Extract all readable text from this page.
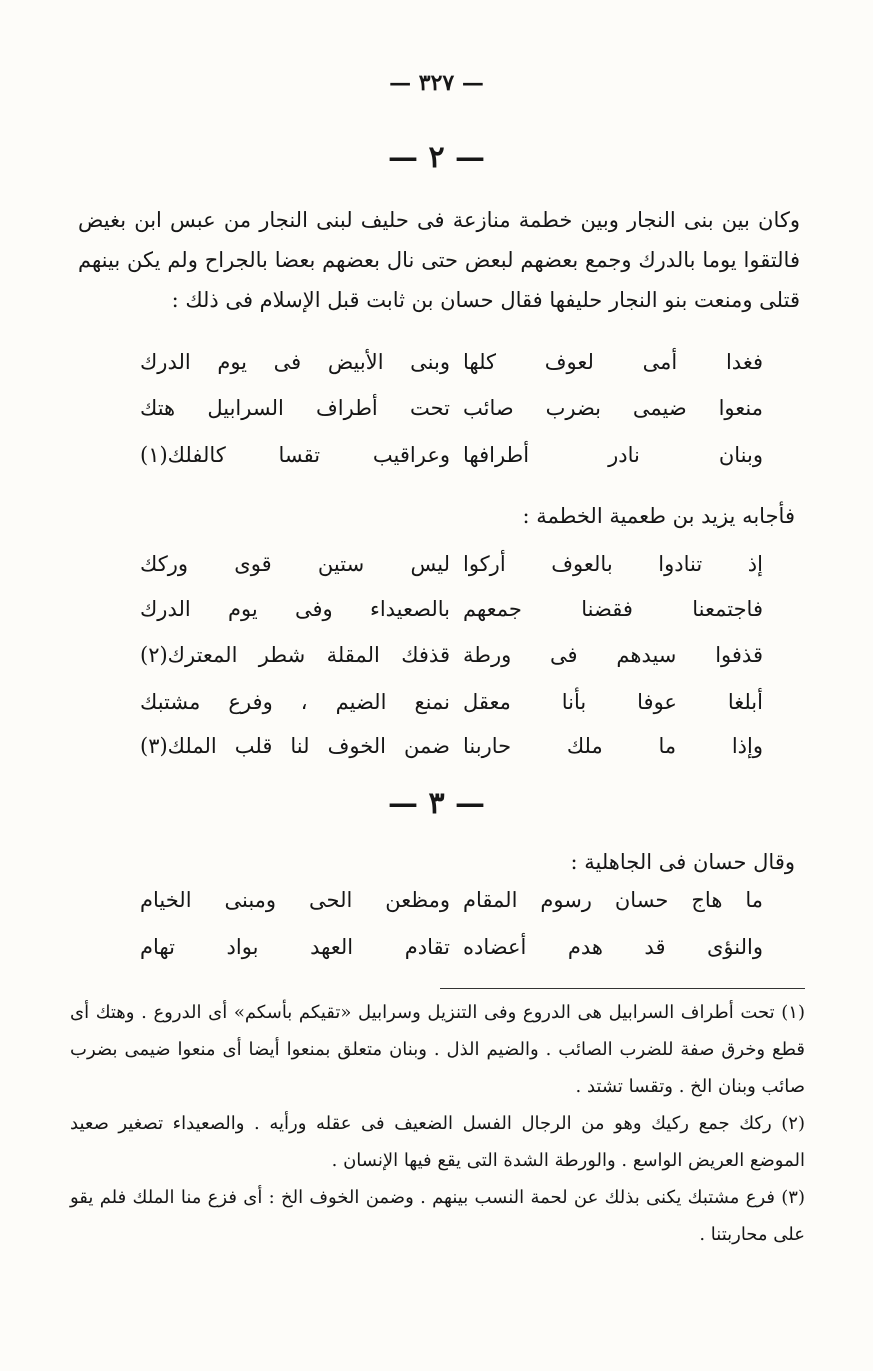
— ٣٢٧ —
— ٢ —
وكان بين بنى النجار وبين خطمة منازعة فى حليف لبنى النجار من عبس ابن بغيض فالتقوا يوما بالدرك وجمع بعضهم لبعض حتى نال بعضهم بعضا بالجراح ولم يكن بينهم قتلى ومنعت بنو النجار حليفها فقال حسان بن ثابت قبل الإسلام فى ذلك :
فغدا أمى لعوف كلها
وبنى الأبيض فى يوم الدرك
منعوا ضيمى بضرب صائب
تحت أطراف السرابيل هتك
وبنان نادر أطرافها
وعراقيب تقسا كالفلك(١)
فأجابه يزيد بن طعمية الخطمة :
إذ تنادوا بالعوف أركوا
ليس ستين قوى وركك
فاجتمعنا فقضنا جمعهم
بالصعيداء وفى يوم الدرك
قذفوا سيدهم فى ورطة
قذفك المقلة شطر المعترك(٢)
أبلغا عوفا بأنا معقل
نمنع الضيم ، وفرع مشتبك
وإذا ما ملك حاربنا
ضمن الخوف لنا قلب الملك(٣)
— ٣ —
وقال حسان فى الجاهلية :
ما هاج حسان رسوم المقام
ومظعن الحى ومبنى الخيام
والنؤى قد هدم أعضاده
تقادم العهد بواد تهام

(١) تحت أطراف السرابيل هى الدروع وفى التنزيل وسرابيل «تقيكم بأسكم» أى الدروع . وهتك أى قطع وخرق صفة للضرب الصائب . والضيم الذل . وبنان متعلق بمنعوا أيضا أى منعوا ضيمى بضرب صائب وبنان الخ . وتقسا تشتد .

(٢) ركك جمع ركيك وهو من الرجال الفسل الضعيف فى عقله ورأيه . والصعيداء تصغير صعيد الموضع العريض الواسع . والورطة الشدة التى يقع فيها الإنسان .

(٣) فرع مشتبك يكنى بذلك عن لحمة النسب بينهم . وضمن الخوف الخ : أى فزع منا الملك فلم يقو على محاربتنا .
